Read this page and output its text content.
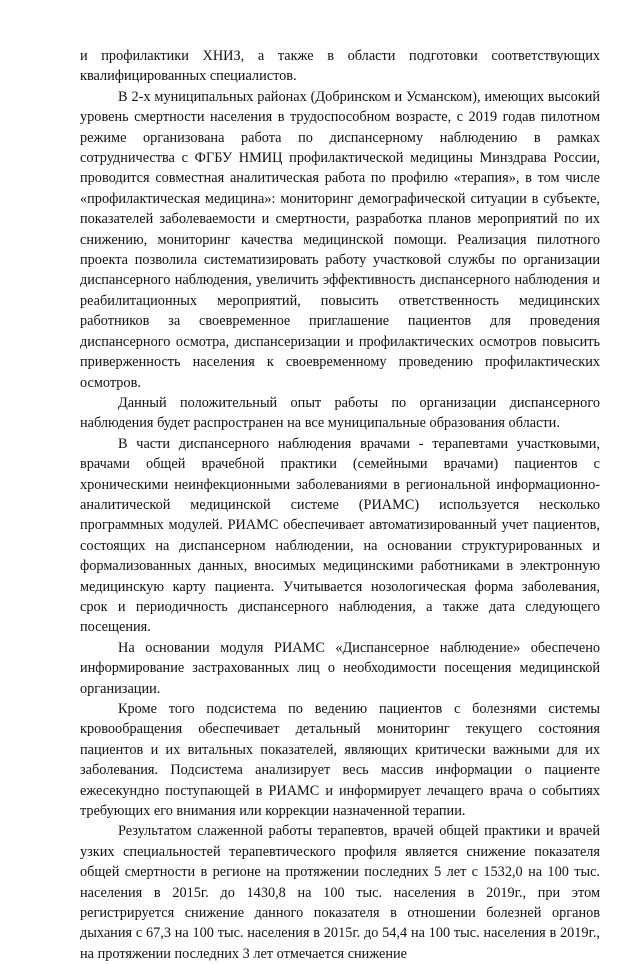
и профилактики ХНИЗ, а также в области подготовки соответствующих квалифицированных специалистов.

В 2-х муниципальных районах (Добринском и Усманском), имеющих высокий уровень смертности населения в трудоспособном возрасте, с 2019 годав пилотном режиме организована работа по диспансерному наблюдению в рамках сотрудничества с ФГБУ НМИЦ профилактической медицины Минздрава России, проводится совместная аналитическая работа по профилю «терапия», в том числе «профилактическая медицина»: мониторинг демографической ситуации в субъекте, показателей заболеваемости и смертности, разработка планов мероприятий по их снижению, мониторинг качества медицинской помощи. Реализация пилотного проекта позволила систематизировать работу участковой службы по организации диспансерного наблюдения, увеличить эффективность диспансерного наблюдения и реабилитационных мероприятий, повысить ответственность медицинских работников за своевременное приглашение пациентов для проведения диспансерного осмотра, диспансеризации и профилактических осмотров повысить приверженность населения к своевременному проведению профилактических осмотров.

Данный положительный опыт работы по организации диспансерного наблюдения будет распространен на все муниципальные образования области.

В части диспансерного наблюдения врачами - терапевтами участковыми, врачами общей врачебной практики (семейными врачами) пациентов с хроническими неинфекционными заболеваниями в региональной информационно-аналитической медицинской системе (РИАМС) используется несколько программных модулей. РИАМС обеспечивает автоматизированный учет пациентов, состоящих на диспансерном наблюдении, на основании структурированных и формализованных данных, вносимых медицинскими работниками в электронную медицинскую карту пациента. Учитывается нозологическая форма заболевания, срок и периодичность диспансерного наблюдения, а также дата следующего посещения.

На основании модуля РИАМС «Диспансерное наблюдение» обеспечено информирование застрахованных лиц о необходимости посещения медицинской организации.

Кроме того подсистема по ведению пациентов с болезнями системы кровообращения обеспечивает детальный мониторинг текущего состояния пациентов и их витальных показателей, являющих критически важными для их заболевания. Подсистема анализирует весь массив информации о пациенте ежесекундно поступающей в РИАМС и информирует лечащего врача о событиях требующих его внимания или коррекции назначенной терапии.

Результатом слаженной работы терапевтов, врачей общей практики и врачей узких специальностей терапевтического профиля является снижение показателя общей смертности в регионе на протяжении последних 5 лет с 1532,0 на 100 тыс. населения в 2015г. до 1430,8 на 100 тыс. населения в 2019г., при этом регистрируется снижение данного показателя в отношении болезней органов дыхания с 67,3 на 100 тыс. населения в 2015г. до 54,4 на 100 тыс. населения в 2019г., на протяжении последних 3 лет отмечается снижение
